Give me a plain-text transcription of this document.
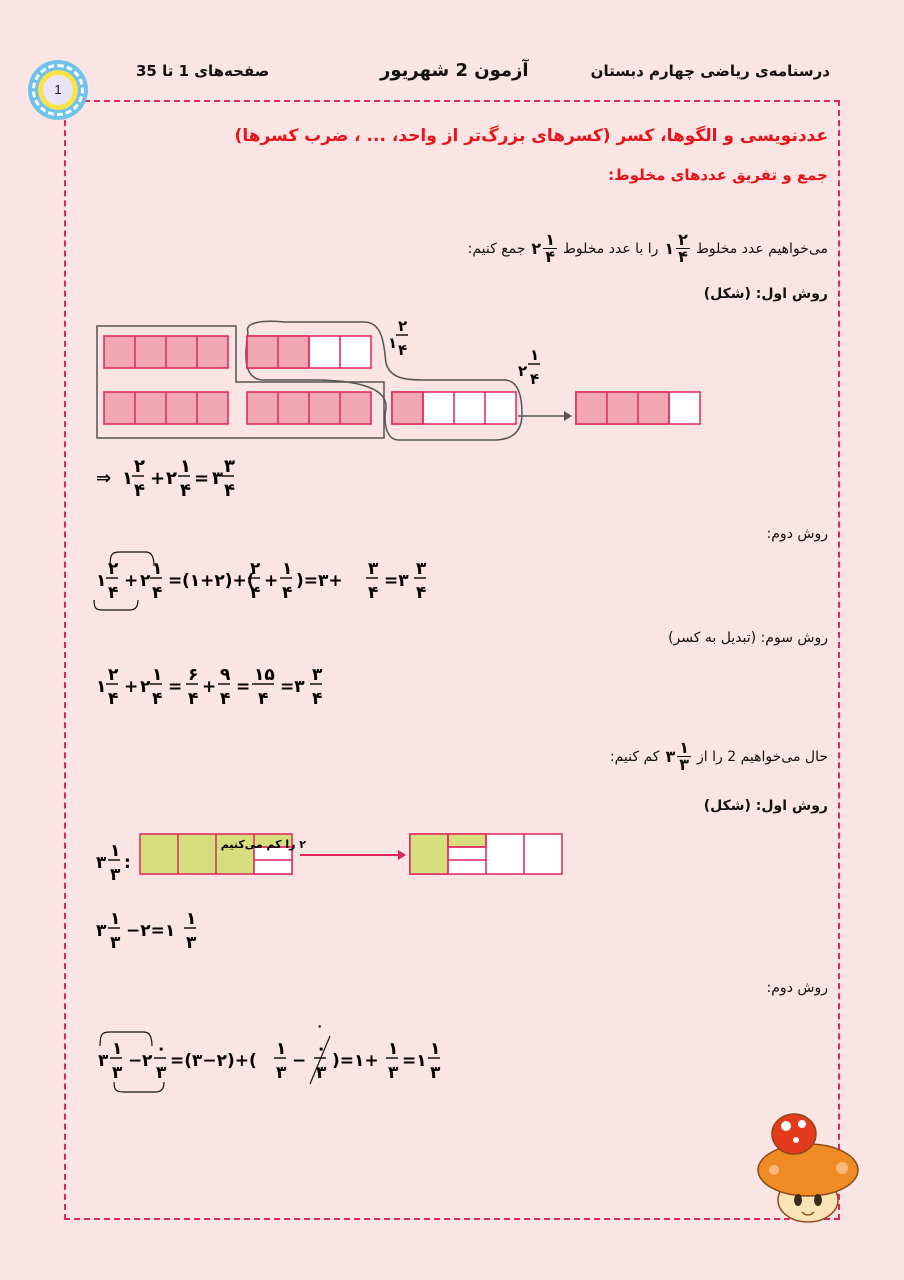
1
صفحه‌های 1 تا 35	آزمون 2 شهریور	درسنامه‌ی ریاضی چهارم دبستان
عددنویسی و الگوها، کسر (کسرهای بزرگ‌تر از واحد، ... ، ضرب کسرها)
جمع و تفریق عددهای مخلوط:
می‌خواهیم عدد مخلوط
۱ ۲
۴
را با عدد مخلوط
۲ ۱
۴
جمع کنیم:
روش اول: (شکل)
۱
۲
۴
۲
۱
۴
⇒ ۱
۲
۴
+ ۲
۱
۴
= ۳
۳
۴
روش دوم:
۱
۲
۴
+ ۲
۱
۴
= (۱+۲)+(
۲
۴
+
۱
۴
)=۳+
۳
۴
=۳
۳
۴
روش سوم: (تبدیل به کسر)
۱
۲
۴
+ ۲
۱
۴
=
۶
۴
+
۹
۴
=
۱۵
۴
=۳
۳
۴
حال می‌خواهیم 2 را از
۳ ۱
۳
کم کنیم:
روش اول: (شکل)
۳
۱
۳
:
۲ را کم می‌کنیم
۳
۱
۳
−۲=۱
۱
۳
روش دوم:
۳
۱
۳
− ۲
۰
۳
=(۳−۲)+(
۱
۳
−
۰
۰
۳
)=۱+
۱
۳
=۱
۱
۳
